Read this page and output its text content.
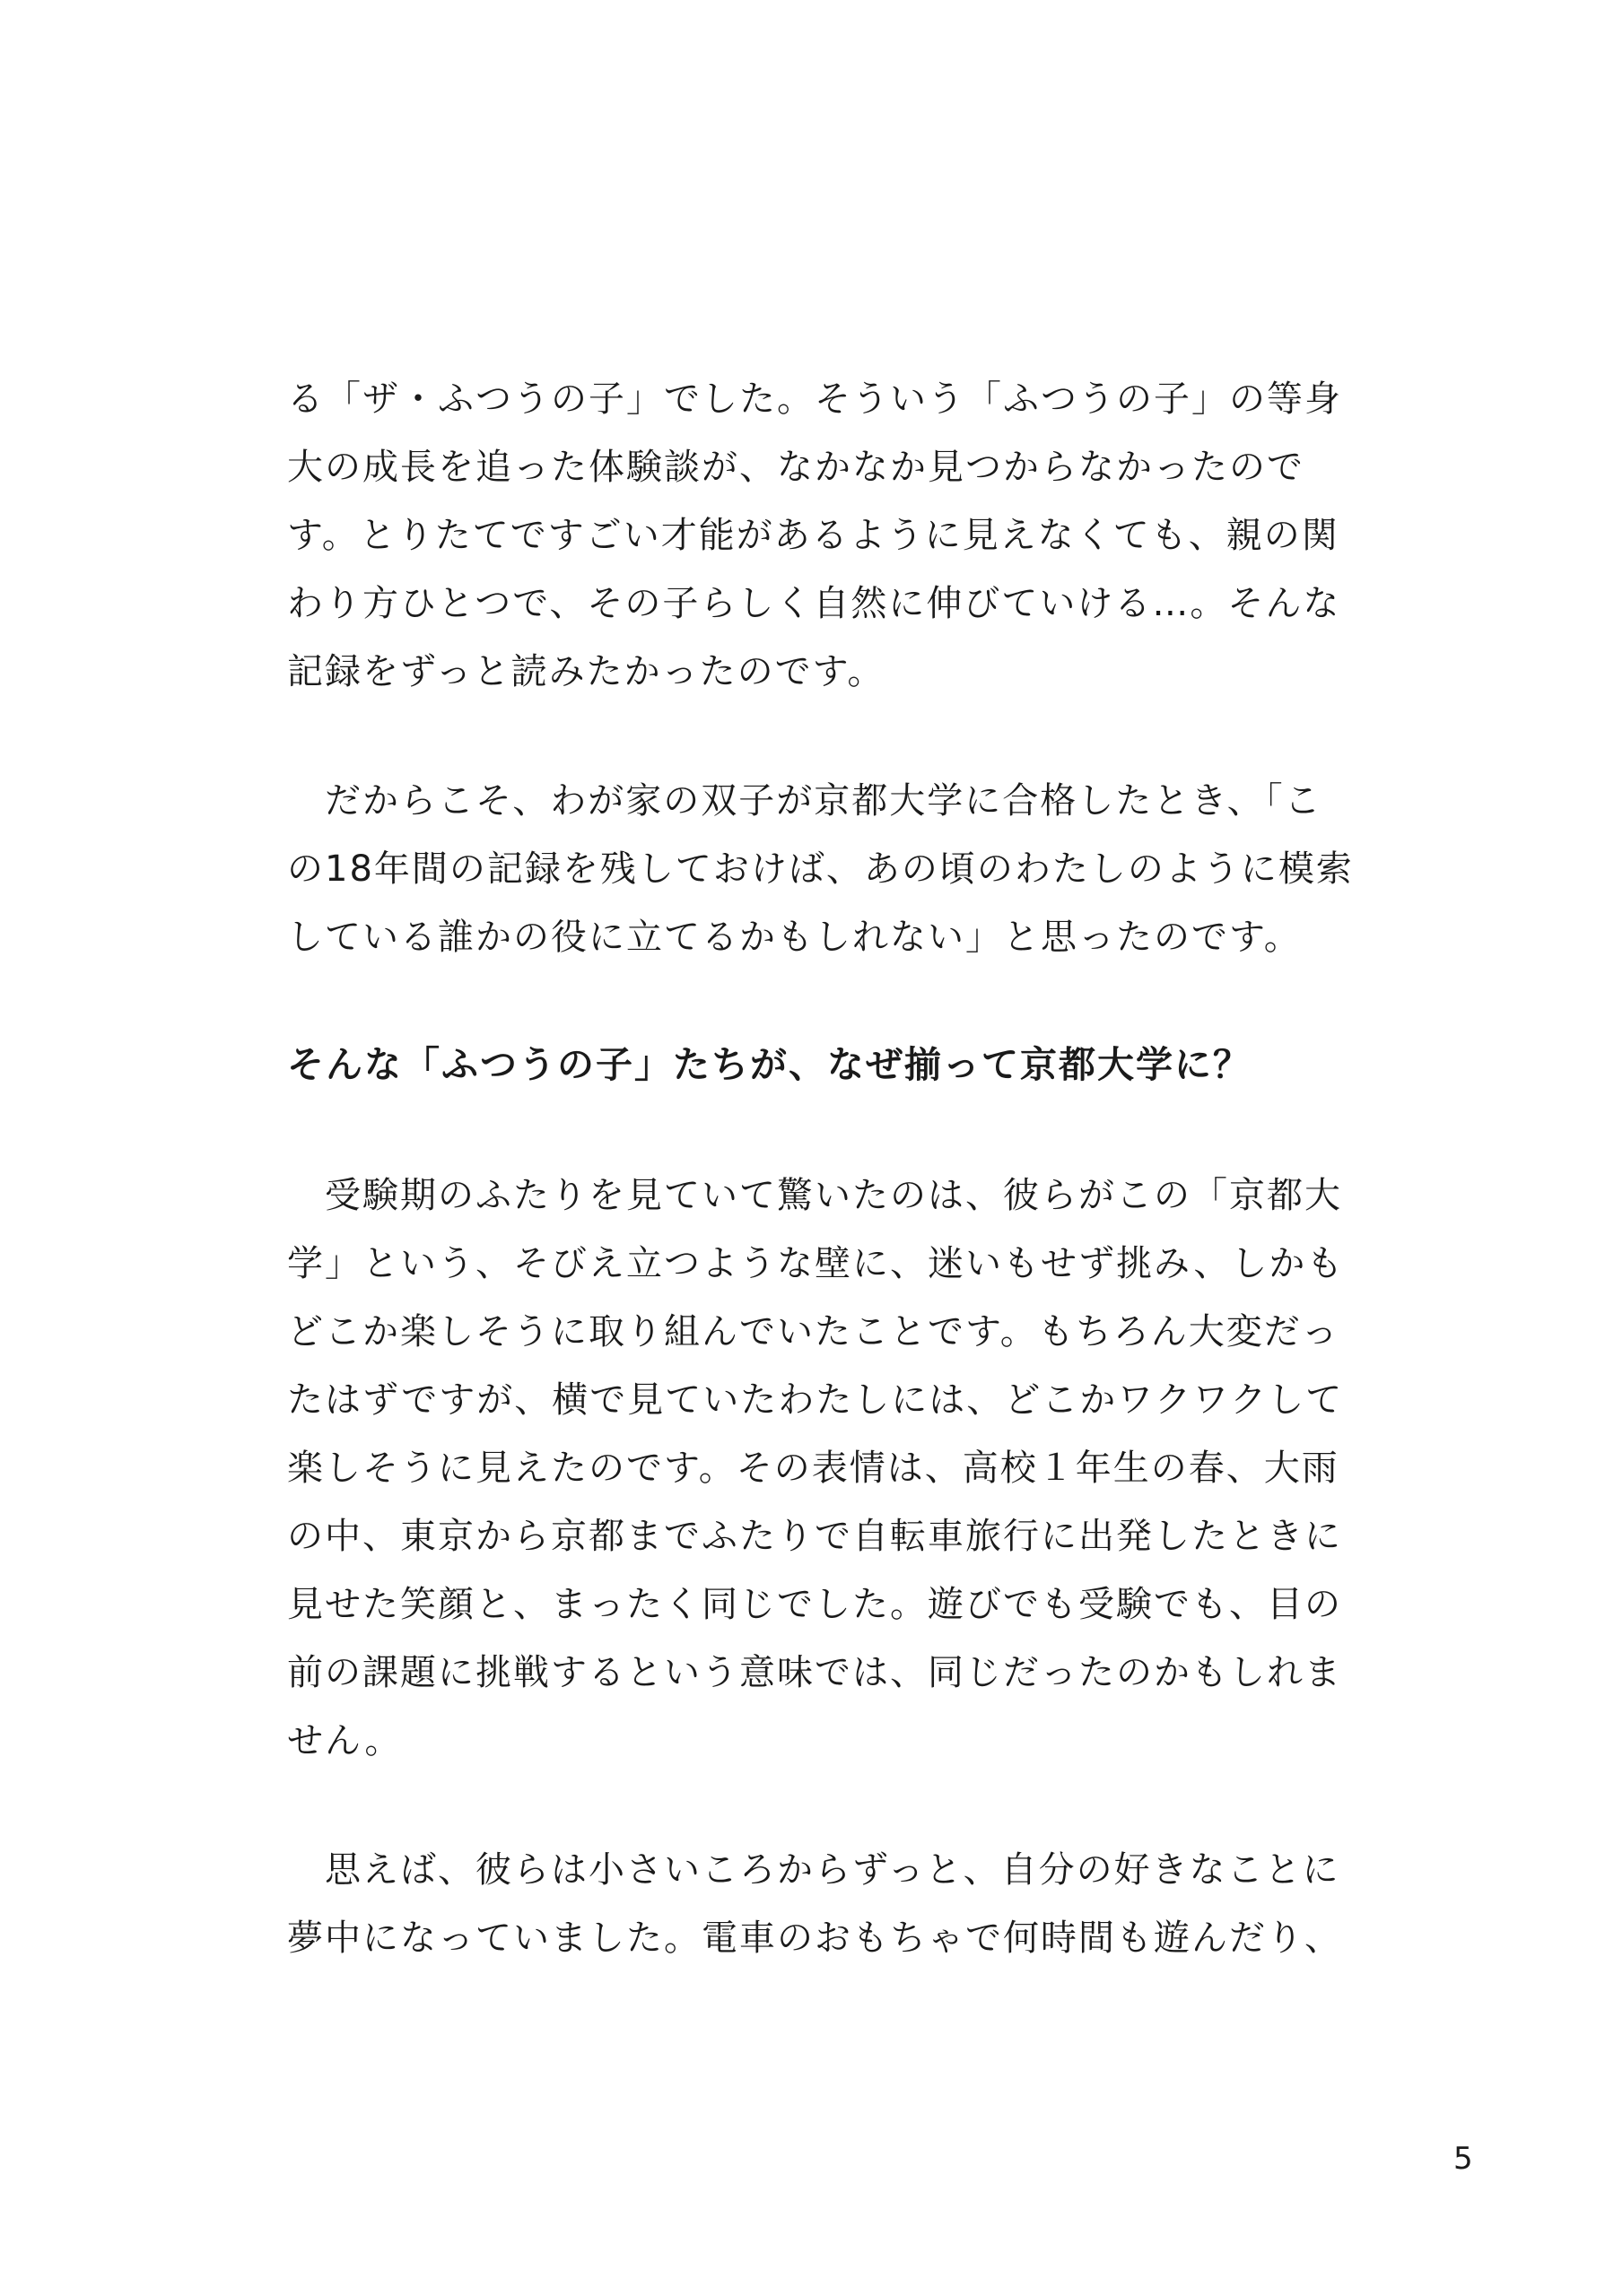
る「ザ・ふつうの子」でした。そういう「ふつうの子」の等身
大の成長を追った体験談が、なかなか見つからなかったので
す。とりたてですごい才能があるように見えなくても、親の関
わり方ひとつで、その子らしく自然に伸びていける…。そんな
記録をずっと読みたかったのです。
　だからこそ、わが家の双子が京都大学に合格したとき、「こ
の18年間の記録を残しておけば、あの頃のわたしのように模索
している誰かの役に立てるかもしれない」と思ったのです。
そんな「ふつうの子」たちが、なぜ揃って京都大学に？
　受験期のふたりを見ていて驚いたのは、彼らがこの「京都大
学」という、そびえ立つような壁に、迷いもせず挑み、しかも
どこか楽しそうに取り組んでいたことです。もちろん大変だっ
たはずですが、横で見ていたわたしには、どこかワクワクして
楽しそうに見えたのです。その表情は、高校１年生の春、大雨
の中、東京から京都までふたりで自転車旅行に出発したときに
見せた笑顔と、まったく同じでした。遊びでも受験でも、目の
前の課題に挑戦するという意味では、同じだったのかもしれま
せん。
　思えば、彼らは小さいころからずっと、自分の好きなことに
夢中になっていました。電車のおもちゃで何時間も遊んだり、
5
